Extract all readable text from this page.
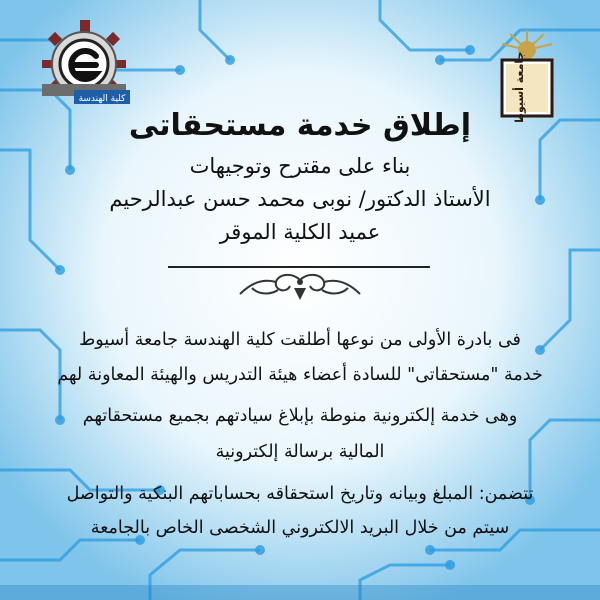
كلية الهندسة	جامعة أسيوط
إطلاق خدمة مستحقاتى
بناء على مقترح وتوجيهات
الأستاذ الدكتور/ نوبى محمد حسن عبدالرحيم
عميد الكلية الموقر
فى بادرة الأولى من نوعها أطلقت كلية الهندسة جامعة أسيوط
خدمة "مستحقاتى" للسادة أعضاء هيئة التدريس والهيئة المعاونة لهم
وهى خدمة إلكترونية منوطة بإبلاغ سيادتهم بجميع مستحقاتهم
المالية برسالة إلكترونية
تتضمن: المبلغ وبيانه وتاريخ استحقاقه بحساباتهم البنكية والتواصل
سيتم من خلال البريد الالكتروني الشخصى الخاص بالجامعة
